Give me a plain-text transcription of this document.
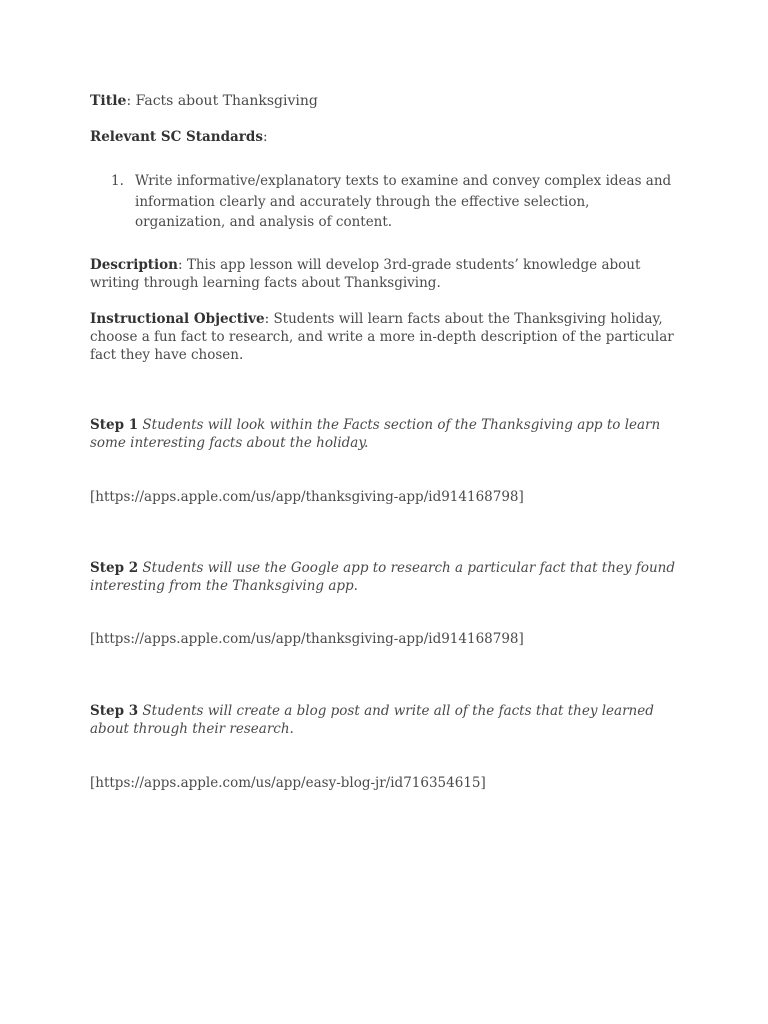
Title: Facts about Thanksgiving
Relevant SC Standards:
1. Write informative/explanatory texts to examine and convey complex ideas and information clearly and accurately through the effective selection, organization, and analysis of content.
Description: This app lesson will develop 3rd-grade students’ knowledge about writing through learning facts about Thanksgiving.
Instructional Objective: Students will learn facts about the Thanksgiving holiday, choose a fun fact to research, and write a more in-depth description of the particular fact they have chosen.
Step 1 Students will look within the Facts section of the Thanksgiving app to learn some interesting facts about the holiday.
[https://apps.apple.com/us/app/thanksgiving-app/id914168798]
Step 2 Students will use the Google app to research a particular fact that they found interesting from the Thanksgiving app.
[https://apps.apple.com/us/app/thanksgiving-app/id914168798]
Step 3 Students will create a blog post and write all of the facts that they learned about through their research.
[https://apps.apple.com/us/app/easy-blog-jr/id716354615]
